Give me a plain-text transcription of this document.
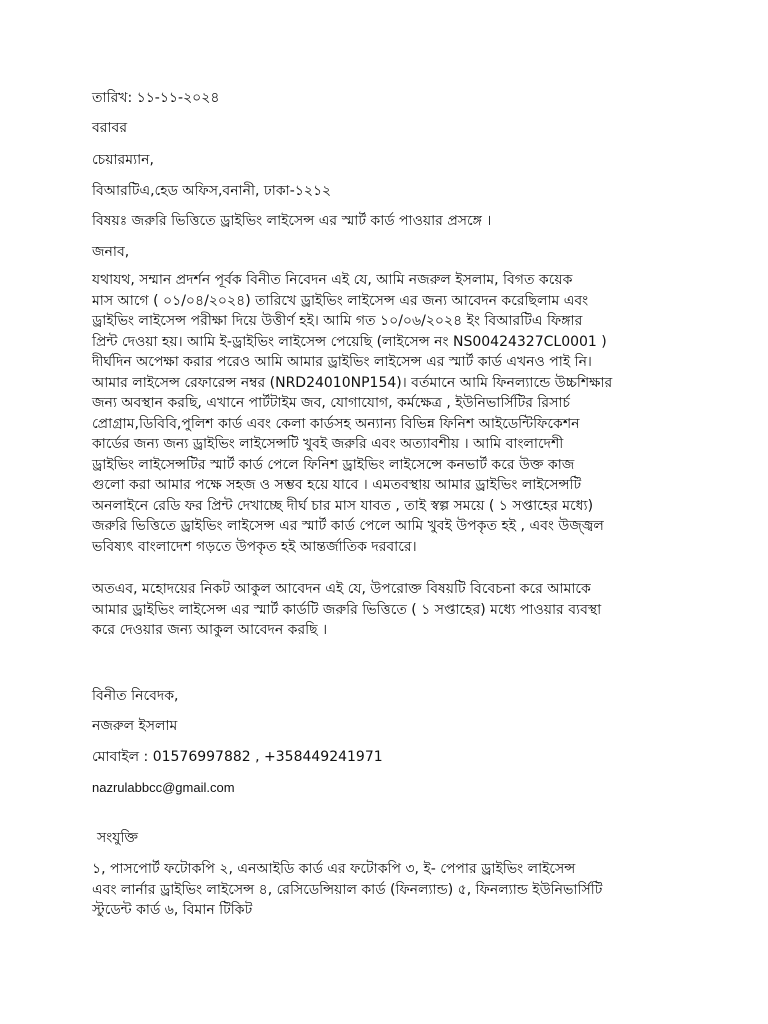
তারিখ: ১১-১১-২০২৪
বরাবর
চেয়ারম্যান,
বিআরটিএ,হেড অফিস,বনানী, ঢাকা-১২১২
বিষয়ঃ জরুরি ভিত্তিতে ড্রাইভিং লাইসেন্স এর স্মার্ট কার্ড পাওয়ার প্রসঙ্গে ।
জনাব,
যথাযথ, সম্মান প্রদর্শন পূর্বক বিনীত নিবেদন এই যে, আমি নজরুল ইসলাম, বিগত কয়েক
মাস আগে ( ০১/০৪/২০২৪) তারিখে ড্রাইভিং লাইসেন্স এর জন্য আবেদন করেছিলাম এবং
ড্রাইভিং লাইসেন্স পরীক্ষা দিয়ে উত্তীর্ণ হই। আমি গত ১০/০৬/২০২৪ ইং বিআরটিএ ফিঙ্গার
প্রিন্ট দেওয়া হয়। আমি ই-ড্রাইভিং লাইসেন্স পেয়েছি (লাইসেন্স নং NS00424327CL0001 )
দীর্ঘদিন অপেক্ষা করার পরেও আমি আমার ড্রাইভিং লাইসেন্স এর স্মার্ট কার্ড এখনও পাই নি।
আমার লাইসেন্স রেফারেন্স নম্বর (NRD24010NP154)। বর্তমানে আমি ফিনল্যান্ডে উচ্চশিক্ষার
জন্য অবস্থান করছি, এখানে পার্টটাইম জব, যোগাযোগ, কর্মক্ষেত্র , ইউনিভার্সিটির রিসার্চ
প্রোগ্রাম,ডিবিবি,পুলিশ কার্ড এবং কেলা কার্ডসহ অন্যান্য বিভিন্ন ফিনিশ আইডেন্টিফিকেশন
কার্ডের জন্য জন্য ড্রাইভিং লাইসেন্সটি খুবই জরুরি এবং অত্যাবশীয় । আমি বাংলাদেশী
ড্রাইভিং লাইসেন্সটির স্মার্ট কার্ড পেলে ফিনিশ ড্রাইভিং লাইসেন্সে কনভার্ট করে উক্ত কাজ
গুলো করা আমার পক্ষে সহজ ও সম্ভব হয়ে যাবে । এমতবস্থায় আমার ড্রাইভিং লাইসেন্সটি
অনলাইনে রেডি ফর প্রিন্ট দেখাচ্ছে দীর্ঘ চার মাস যাবত , তাই স্বল্প সময়ে ( ১ সপ্তাহের মধ্যে)
জরুরি ভিত্তিতে ড্রাইভিং লাইসেন্স এর স্মার্ট কার্ড পেলে আমি খুবই উপকৃত হই , এবং উজ্জ্বল
ভবিষ্যৎ বাংলাদেশ গড়তে উপকৃত হই আন্তর্জাতিক দরবারে।
অতএব, মহোদয়ের নিকট আকুল আবেদন এই যে, উপরোক্ত বিষয়টি বিবেচনা করে আমাকে
আমার ড্রাইভিং লাইসেন্স এর স্মার্ট কার্ডটি জরুরি ভিত্তিতে ( ১ সপ্তাহের) মধ্যে পাওয়ার ব্যবস্থা
করে দেওয়ার জন্য আকুল আবেদন করছি ।
বিনীত নিবেদক,
নজরুল ইসলাম
মোবাইল : 01576997882 , +358449241971
nazrulabbcc@gmail.com
সংযুক্তি
১, পাসপোর্ট ফটোকপি ২, এনআইডি কার্ড এর ফটোকপি ৩, ই- পেপার ড্রাইভিং লাইসেন্স
এবং লার্নার ড্রাইভিং লাইসেন্স ৪, রেসিডেন্সিয়াল কার্ড (ফিনল্যান্ড) ৫, ফিনল্যান্ড ইউনিভার্সিটি
স্টুডেন্ট কার্ড ৬, বিমান টিকিট
